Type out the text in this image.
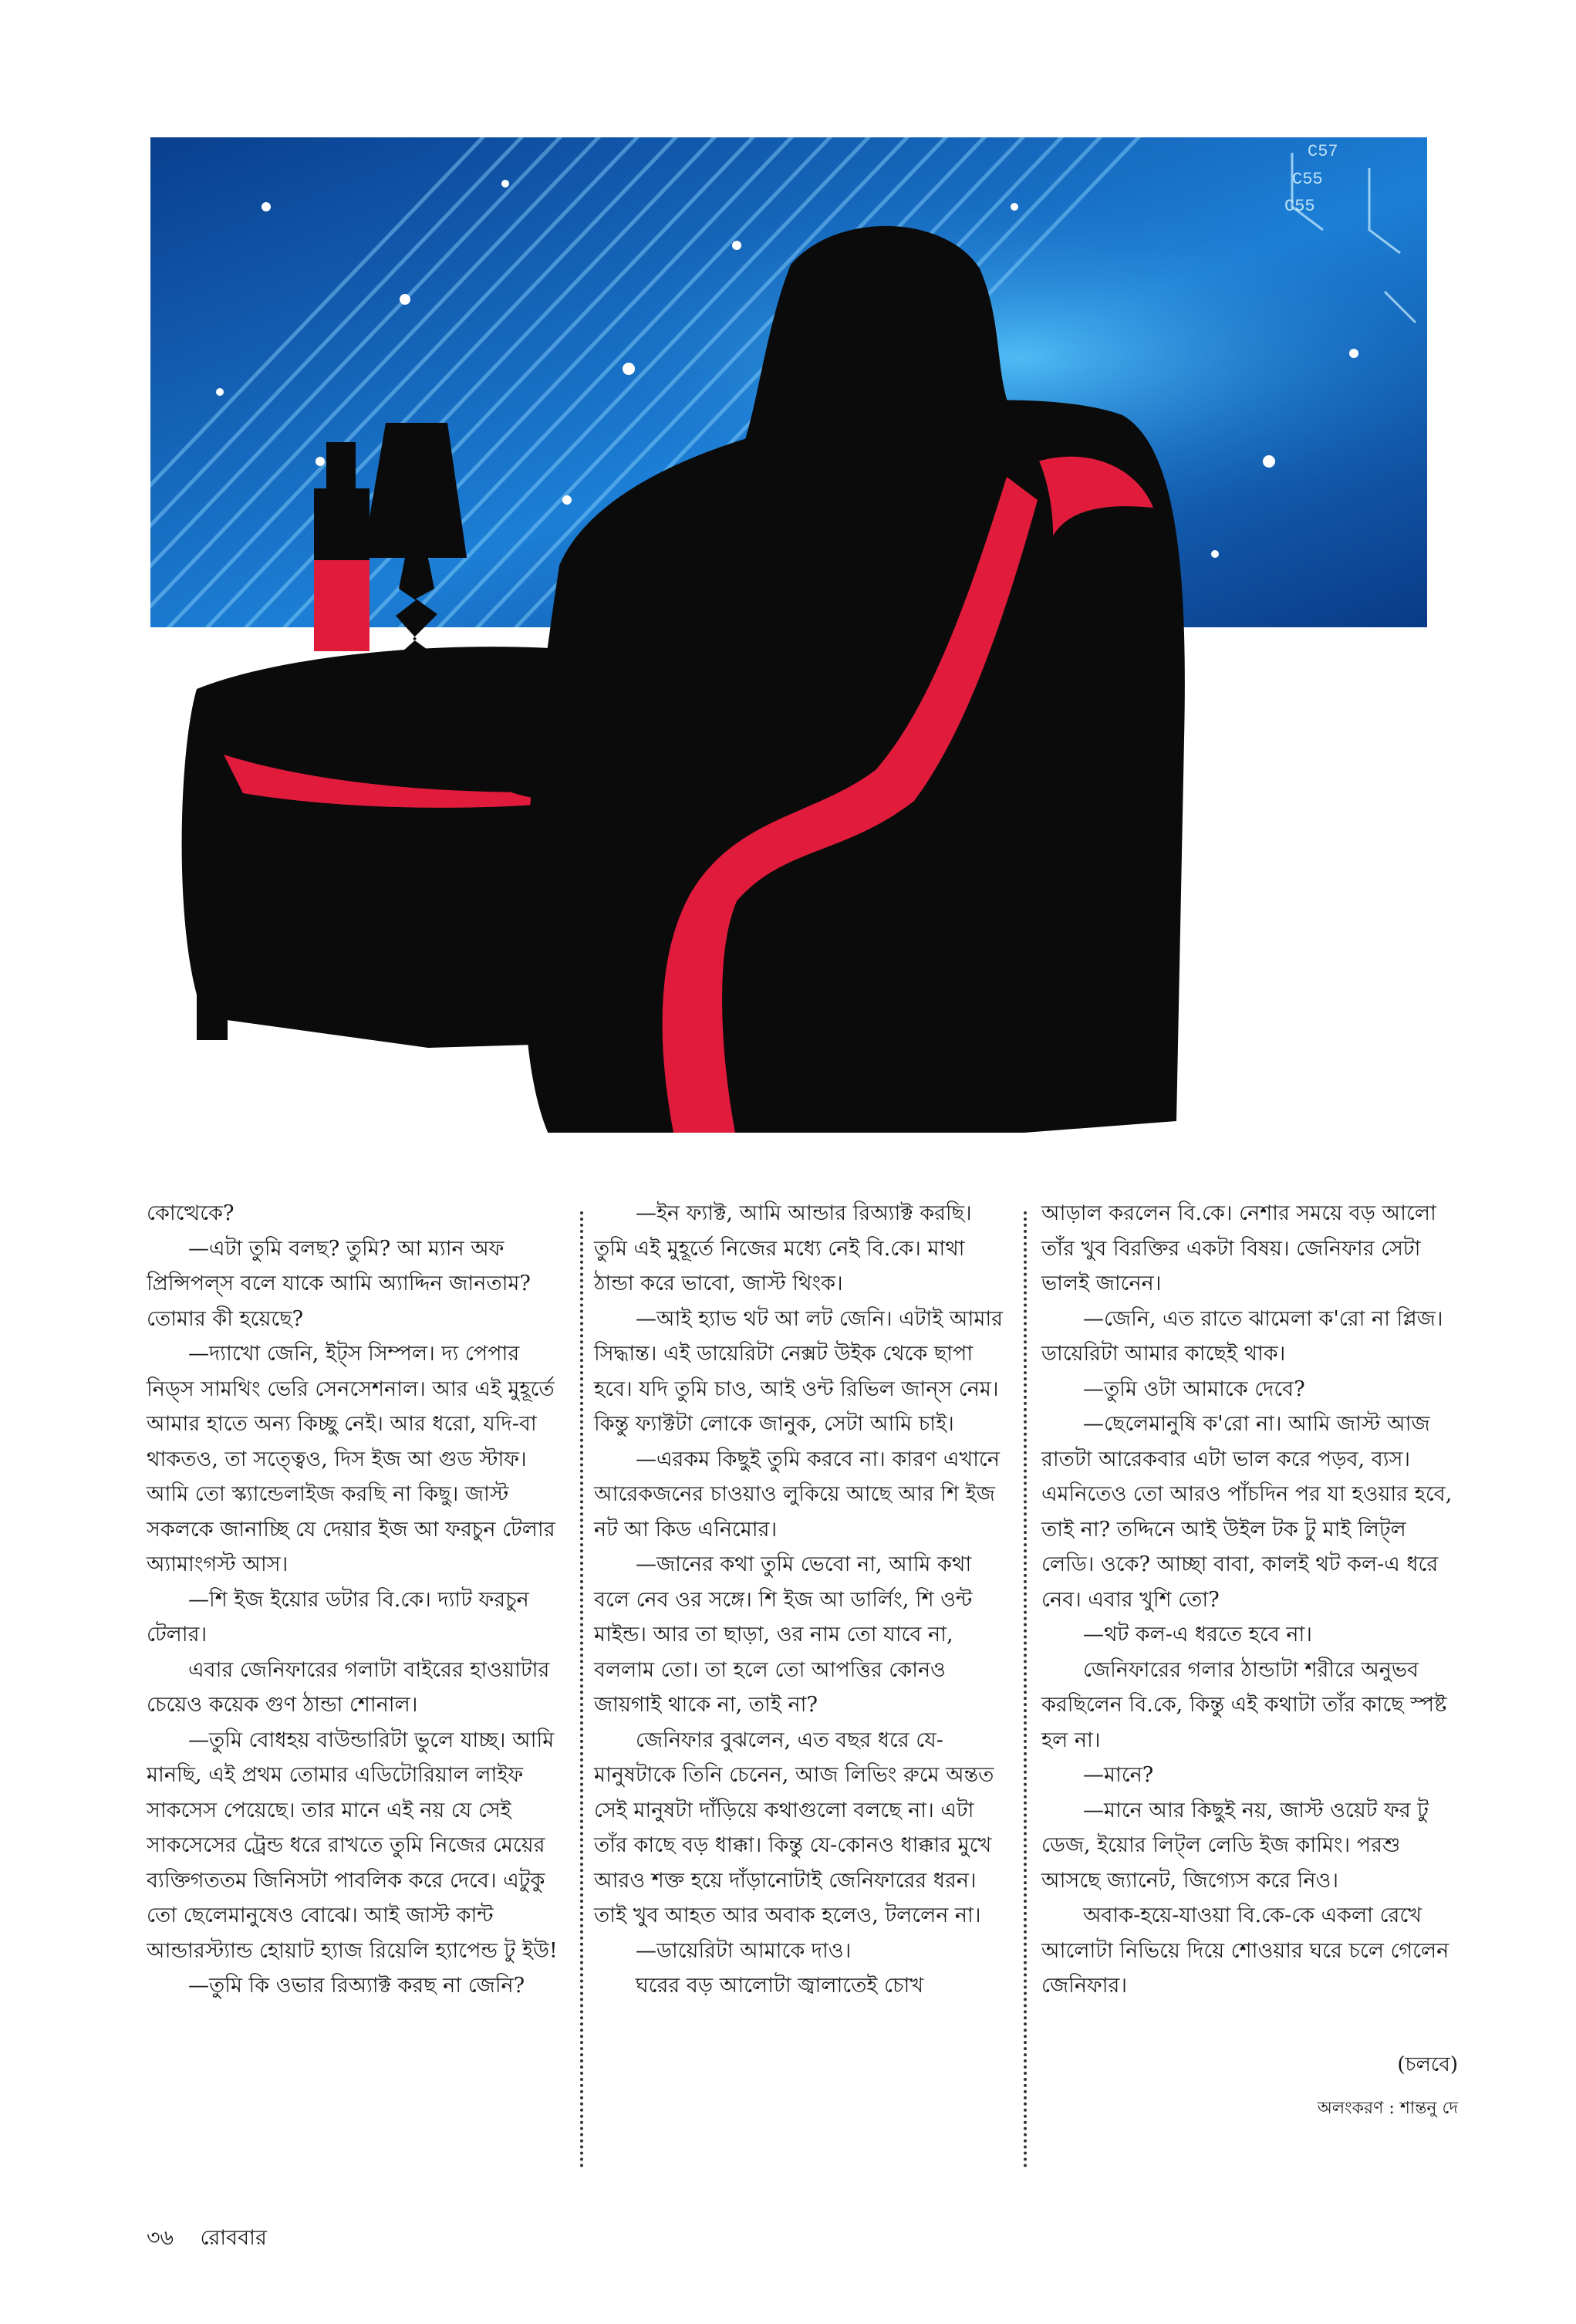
C57
C55
C55

কোত্থেকে?

—এটা তুমি বলছ? তুমি? আ ম্যান অফ প্রিন্সিপল্‌স বলে যাকে আমি অ্যাদ্দিন জানতাম? তোমার কী হয়েছে?

—দ্যাখো জেনি, ইট্‌স সিম্পল। দ্য পেপার নিড্‌স সামথিং ভেরি সেনসেশনাল। আর এই মুহূর্তে আমার হাতে অন্য কিচ্ছু নেই। আর ধরো, যদি-বা থাকতও, তা সত্ত্বেও, দিস ইজ আ গুড স্টাফ। আমি তো স্ক্যান্ডেলাইজ করছি না কিছু। জাস্ট সকলকে জানাচ্ছি যে দেয়ার ইজ আ ফরচুন টেলার অ্যামাংগস্ট আস।

—শি ইজ ইয়োর ডটার বি.কে। দ্যাট ফরচুন টেলার।

এবার জেনিফারের গলাটা বাইরের হাওয়াটার চেয়েও কয়েক গুণ ঠান্ডা শোনাল।

—তুমি বোধহয় বাউন্ডারিটা ভুলে যাচ্ছ। আমি মানছি, এই প্রথম তোমার এডিটোরিয়াল লাইফ সাকসেস পেয়েছে। তার মানে এই নয় যে সেই সাকসেসের ট্রেন্ড ধরে রাখতে তুমি নিজের মেয়ের ব্যক্তিগততম জিনিসটা পাবলিক করে দেবে। এটুকু তো ছেলেমানুষেও বোঝে। আই জাস্ট কান্ট আন্ডারস্ট্যান্ড হোয়াট হ্যাজ রিয়েলি হ্যাপেন্ড টু ইউ!

—তুমি কি ওভার রিঅ্যাক্ট করছ না জেনি?

—ইন ফ্যাক্ট, আমি আন্ডার রিঅ্যাক্ট করছি। তুমি এই মুহূর্তে নিজের মধ্যে নেই বি.কে। মাথা ঠান্ডা করে ভাবো, জাস্ট থিংক।

—আই হ্যাভ থট আ লট জেনি। এটাই আমার সিদ্ধান্ত। এই ডায়েরিটা নেক্সট উইক থেকে ছাপা হবে। যদি তুমি চাও, আই ওন্ট রিভিল জান্‌স নেম। কিন্তু ফ্যাক্টটা লোকে জানুক, সেটা আমি চাই।

—এরকম কিছুই তুমি করবে না। কারণ এখানে আরেকজনের চাওয়াও লুকিয়ে আছে আর শি ইজ নট আ কিড এনিমোর।

—জানের কথা তুমি ভেবো না, আমি কথা বলে নেব ওর সঙ্গে। শি ইজ আ ডার্লিং, শি ওন্ট মাইন্ড। আর তা ছাড়া, ওর নাম তো যাবে না, বললাম তো। তা হলে তো আপত্তির কোনও জায়গাই থাকে না, তাই না?

জেনিফার বুঝলেন, এত বছর ধরে যে-মানুষটাকে তিনি চেনেন, আজ লিভিং রুমে অন্তত সেই মানুষটা দাঁড়িয়ে কথাগুলো বলছে না। এটা তাঁর কাছে বড় ধাক্কা। কিন্তু যে-কোনও ধাক্কার মুখে আরও শক্ত হয়ে দাঁড়ানোটাই জেনিফারের ধরন। তাই খুব আহত আর অবাক হলেও, টললেন না।

—ডায়েরিটা আমাকে দাও।

ঘরের বড় আলোটা জ্বালাতেই চোখ

আড়াল করলেন বি.কে। নেশার সময়ে বড় আলো তাঁর খুব বিরক্তির একটা বিষয়। জেনিফার সেটা ভালই জানেন।

—জেনি, এত রাতে ঝামেলা ক'রো না প্লিজ। ডায়েরিটা আমার কাছেই থাক।

—তুমি ওটা আমাকে দেবে?

—ছেলেমানুষি ক'রো না। আমি জাস্ট আজ রাতটা আরেকবার এটা ভাল করে পড়ব, ব্যস। এমনিতেও তো আরও পাঁচদিন পর যা হওয়ার হবে, তাই না? তদ্দিনে আই উইল টক টু মাই লিট্‌ল লেডি। ওকে? আচ্ছা বাবা, কালই থট কল-এ ধরে নেব। এবার খুশি তো?

—থট কল-এ ধরতে হবে না।

জেনিফারের গলার ঠান্ডাটা শরীরে অনুভব করছিলেন বি.কে, কিন্তু এই কথাটা তাঁর কাছে স্পষ্ট হল না।

—মানে?

—মানে আর কিছুই নয়, জাস্ট ওয়েট ফর টু ডেজ, ইয়োর লিট্‌ল লেডি ইজ কামিং। পরশু আসছে জ্যানেট, জিগ্যেস করে নিও।

অবাক-হয়ে-যাওয়া বি.কে-কে একলা রেখে আলোটা নিভিয়ে দিয়ে শোওয়ার ঘরে চলে গেলেন জেনিফার।

(চলবে)
অলংকরণ : শান্তনু দে
৩৬ রোববার
